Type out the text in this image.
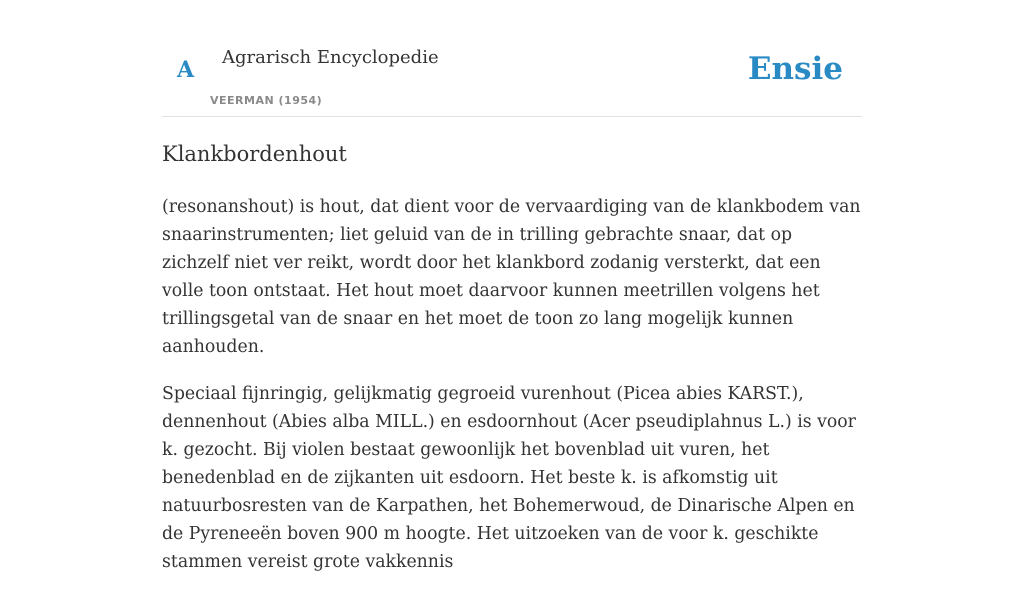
A Agrarisch Encyclopedie
VEERMAN (1954)
Ensie
Klankbordenhout

(resonanshout) is hout, dat dient voor de vervaardiging van de klankbodem van snaarinstrumenten; liet geluid van de in trilling gebrachte snaar, dat op zichzelf niet ver reikt, wordt door het klankbord zodanig versterkt, dat een volle toon ontstaat. Het hout moet daarvoor kunnen meetrillen volgens het trillingsgetal van de snaar en het moet de toon zo lang mogelijk kunnen aanhouden.

Speciaal fijnringig, gelijkmatig gegroeid vurenhout (Picea abies KARST.), dennenhout (Abies alba MILL.) en esdoornhout (Acer pseudiplahnus L.) is voor k. gezocht. Bij violen bestaat gewoonlijk het bovenblad uit vuren, het benedenblad en de zijkanten uit esdoorn. Het beste k. is afkomstig uit natuurbosresten van de Karpathen, het Bohemerwoud, de Dinarische Alpen en de Pyreneeën boven 900 m hoogte. Het uitzoeken van de voor k. geschikte stammen vereist grote vakkennis
